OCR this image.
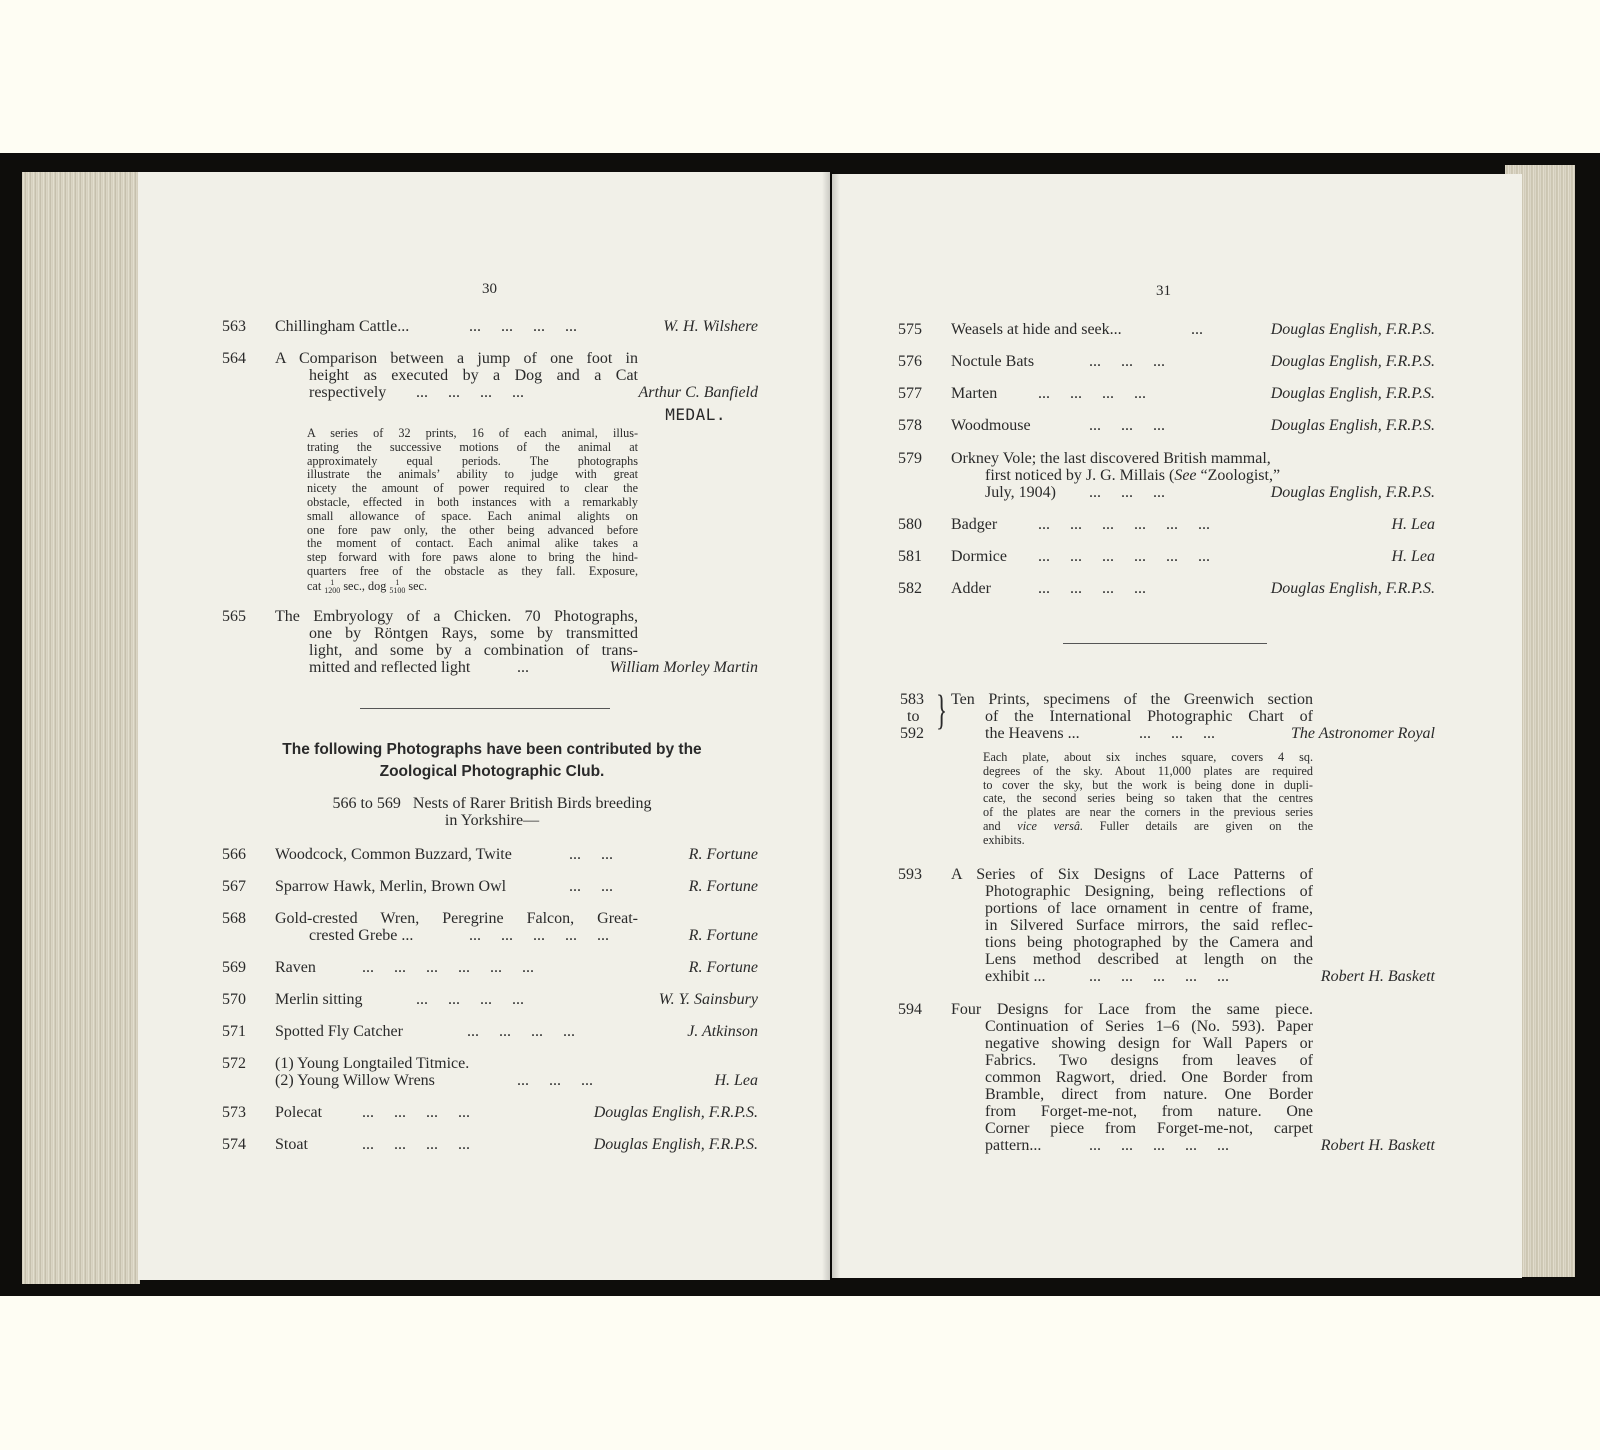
30
563 Chillingham Cattle...	...     ...     ...     ...	W. H. Wilshere
564 A Comparison between a jump of one foot in
height as executed by a Dog and a Cat
respectively ...     ...     ...     ...	Arthur C. Banfield
MEDAL.
A series of 32 prints, 16 of each animal, illus-
trating the successive motions of the animal at
approximately equal periods. The photographs
illustrate the animals’ ability to judge with great
nicety the amount of power required to clear the
obstacle, effected in both instances with a remarkably
small allowance of space. Each animal alights on
one fore paw only, the other being advanced before
the moment of contact. Each animal alike takes a
step forward with fore paws alone to bring the hind-
quarters free of the obstacle as they fall. Exposure,
cat 1
1200 sec., dog 1
5100 sec.
565 The Embryology of a Chicken. 70 Photographs,
one by Röntgen Rays, some by transmitted
light, and some by a combination of trans-
mitted and reflected light	...	William Morley Martin
The following Photographs have been contributed by the
Zoological Photographic Club.
566 to 569   Nests of Rarer British Birds breeding
in Yorkshire—
566 Woodcock, Common Buzzard, Twite	...     ...	R. Fortune
567 Sparrow Hawk, Merlin, Brown Owl	...     ...	R. Fortune
568 Gold-crested Wren, Peregrine Falcon, Great-
crested Grebe ...	...     ...     ...     ...     ...	R. Fortune
569 Raven	...     ...     ...     ...     ...     ...	R. Fortune
570 Merlin sitting	...     ...     ...     ...	W. Y. Sainsbury
571 Spotted Fly Catcher	...     ...     ...     ...	J. Atkinson
572 (1) Young Longtailed Titmice.
(2) Young Willow Wrens	...     ...     ...	H. Lea
573 Polecat ...     ...     ...     ...	Douglas English, F.R.P.S.
574 Stoat	...     ...     ...     ...	Douglas English, F.R.P.S.
31
575 Weasels at hide and seek...	...	Douglas English, F.R.P.S.
576 Noctule Bats	...     ...     ...	Douglas English, F.R.P.S.
577 Marten	...     ...     ...     ...	Douglas English, F.R.P.S.
578 Woodmouse	...     ...     ...	Douglas English, F.R.P.S.
579 Orkney Vole; the last discovered British mammal,
first noticed by J. G. Millais (See “Zoologist,”
July, 1904) ...     ...     ...	Douglas English, F.R.P.S.
580 Badger	...     ...     ...     ...     ...     ...	H. Lea
581 Dormice ...     ...     ...     ...     ...     ...	H. Lea
582 Adder	...     ...     ...     ...	Douglas English, F.R.P.S.
583
to
592 } Ten Prints, specimens of the Greenwich section
of the International Photographic Chart of
the Heavens ...	...     ...     ...	The Astronomer Royal
Each plate, about six inches square, covers 4 sq.
degrees of the sky. About 11,000 plates are required
to cover the sky, but the work is being done in dupli-
cate, the second series being so taken that the centres
of the plates are near the corners in the previous series
and vice versâ. Fuller details are given on the
exhibits.
593 A Series of Six Designs of Lace Patterns of
Photographic Designing, being reflections of
portions of lace ornament in centre of frame,
in Silvered Surface mirrors, the said reflec-
tions being photographed by the Camera and
Lens method described at length on the
exhibit ...	...     ...     ...     ...     ...	Robert H. Baskett
594 Four Designs for Lace from the same piece.
Continuation of Series 1–6 (No. 593). Paper
negative showing design for Wall Papers or
Fabrics. Two designs from leaves of
common Ragwort, dried. One Border from
Bramble, direct from nature. One Border
from Forget-me-not, from nature. One
Corner piece from Forget-me-not, carpet
pattern...	...     ...     ...     ...     ...	Robert H. Baskett
